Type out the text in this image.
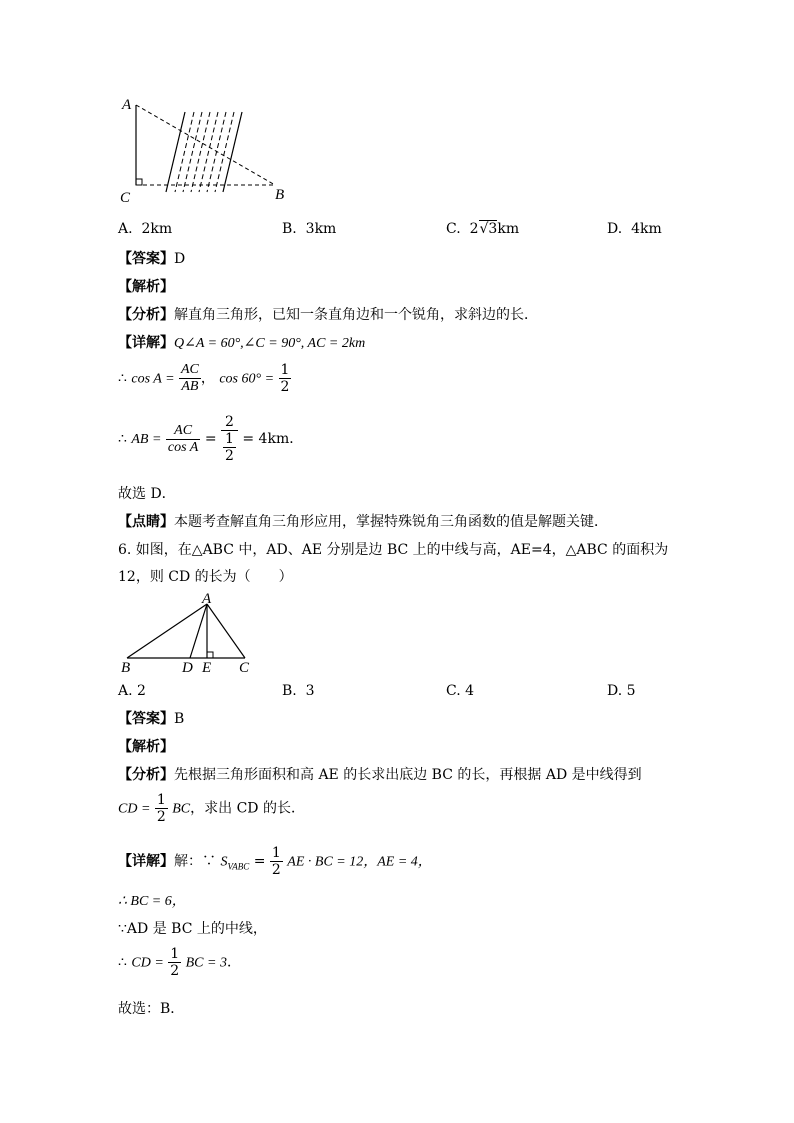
A
C	B
A. 2km	B. 3km	C. 2√3km	D. 4km
【答案】D
【解析】
【分析】解直角三角形，已知一条直角边和一个锐角，求斜边的长．
【详解】Q∠A = 60°,∠C = 90°, AC = 2km
∴ $\cos A = \frac{AC}{AB}$ ， $\cos 60^\circ = \frac{1}{2}$
∴ AB = $\frac{AC}{\text{cos A}} = 2$
1
2 = 4km．
故选 D．
【点睛】本题考查解直角三角形应用，掌握特殊锐角三角函数的值是解题关键．
6. 如图，在△ABC 中，AD、AE 分别是边 BC 上的中线与高，AE=4，△ABC 的面积为
12，则 CD 的长为（　　）
A
B	D E C
A. 2	B. 3	C. 4	D. 5
【答案】B
【解析】
【分析】先根据三角形面积和高 AE 的长求出底边 BC 的长，再根据 AD 是中线得到
CD = $\frac{1}{2}$ BC，求出 CD 的长．
【详解】解：∵ $S_{VABC} = \frac{1}{2}$ AE · BC = 12，AE = 4，
∴ BC = 6，
∵AD 是 BC 上的中线，
∴ CD = $\frac{1}{2}$ BC = 3．
故选：B．
